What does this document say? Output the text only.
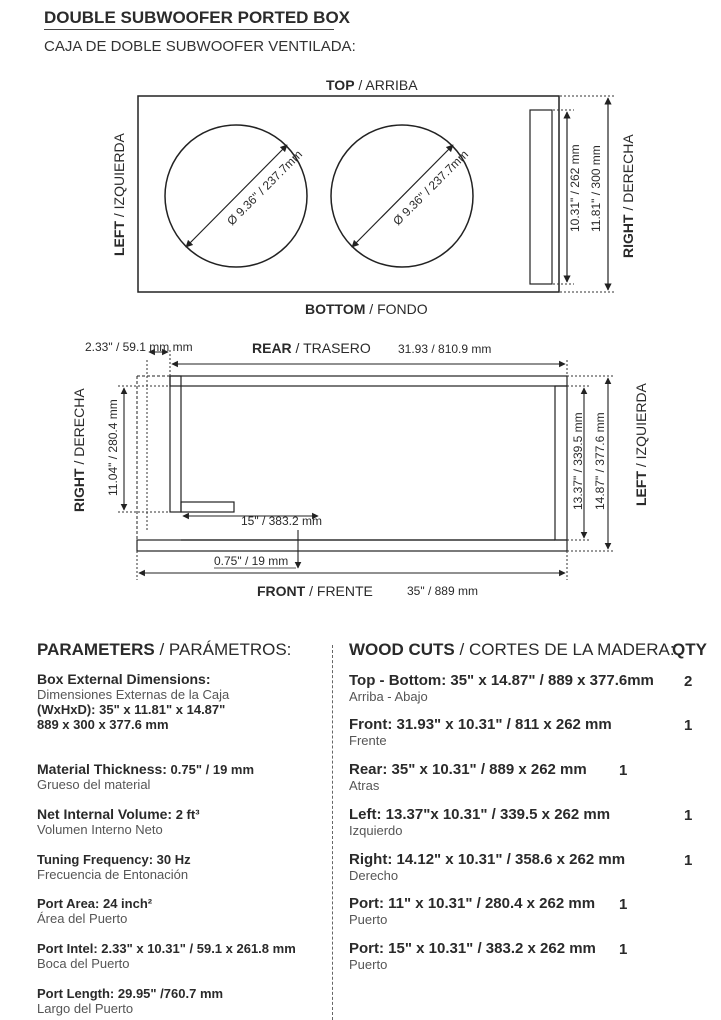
DOUBLE SUBWOOFER PORTED BOX
CAJA DE DOBLE SUBWOOFER VENTILADA:
Ø 9.36" / 237.7mm	Ø 9.36" / 237.7mm
TOP / ARRIBA
BOTTOM / FONDO
LEFT / IZQUIERDA
RIGHT / DERECHA
10.31" / 262 mm 11.81" / 300 mm
2.33" / 59.1 mm mm	REAR / TRASERO 31.93 / 810.9 mm
RIGHT / DERECHA 11.04" / 280.4 mm
15" / 383.2 mm
0.75" / 19 mm
FRONT / FRENTE	35" / 889 mm
13.37" / 339.5 mm 14.87" / 377.6 mm LEFT / IZQUIERDA
PARAMETERS / PARÁMETROS:
Box External Dimensions:
Dimensiones Externas de la Caja
(WxHxD): 35" x 11.81" x 14.87"
889 x 300 x 377.6 mm
Material Thickness: 0.75" / 19 mm
Grueso del material
Net Internal Volume: 2 ft³
Volumen Interno Neto
Tuning Frequency: 30 Hz
Frecuencia de Entonación
Port Area: 24 inch²
Área del Puerto
Port Intel: 2.33" x 10.31" / 59.1 x 261.8 mm
Boca del Puerto
Port Length: 29.95" /760.7 mm
Largo del Puerto
WOOD CUTS / CORTES DE LA MADERA:
QTY
Top - Bottom: 35" x 14.87" / 889 x 377.6mm
Arriba - Abajo
2
Front: 31.93" x 10.31" / 811 x 262 mm
Frente
1
Rear: 35" x 10.31" / 889 x 262 mm
Atras
1
Left: 13.37"x 10.31" / 339.5 x 262 mm
Izquierdo
1
Right: 14.12" x 10.31" / 358.6 x 262 mm
Derecho
1
Port: 11" x 10.31" / 280.4 x 262 mm
Puerto
1
Port: 15" x 10.31" / 383.2 x 262 mm
Puerto
1
